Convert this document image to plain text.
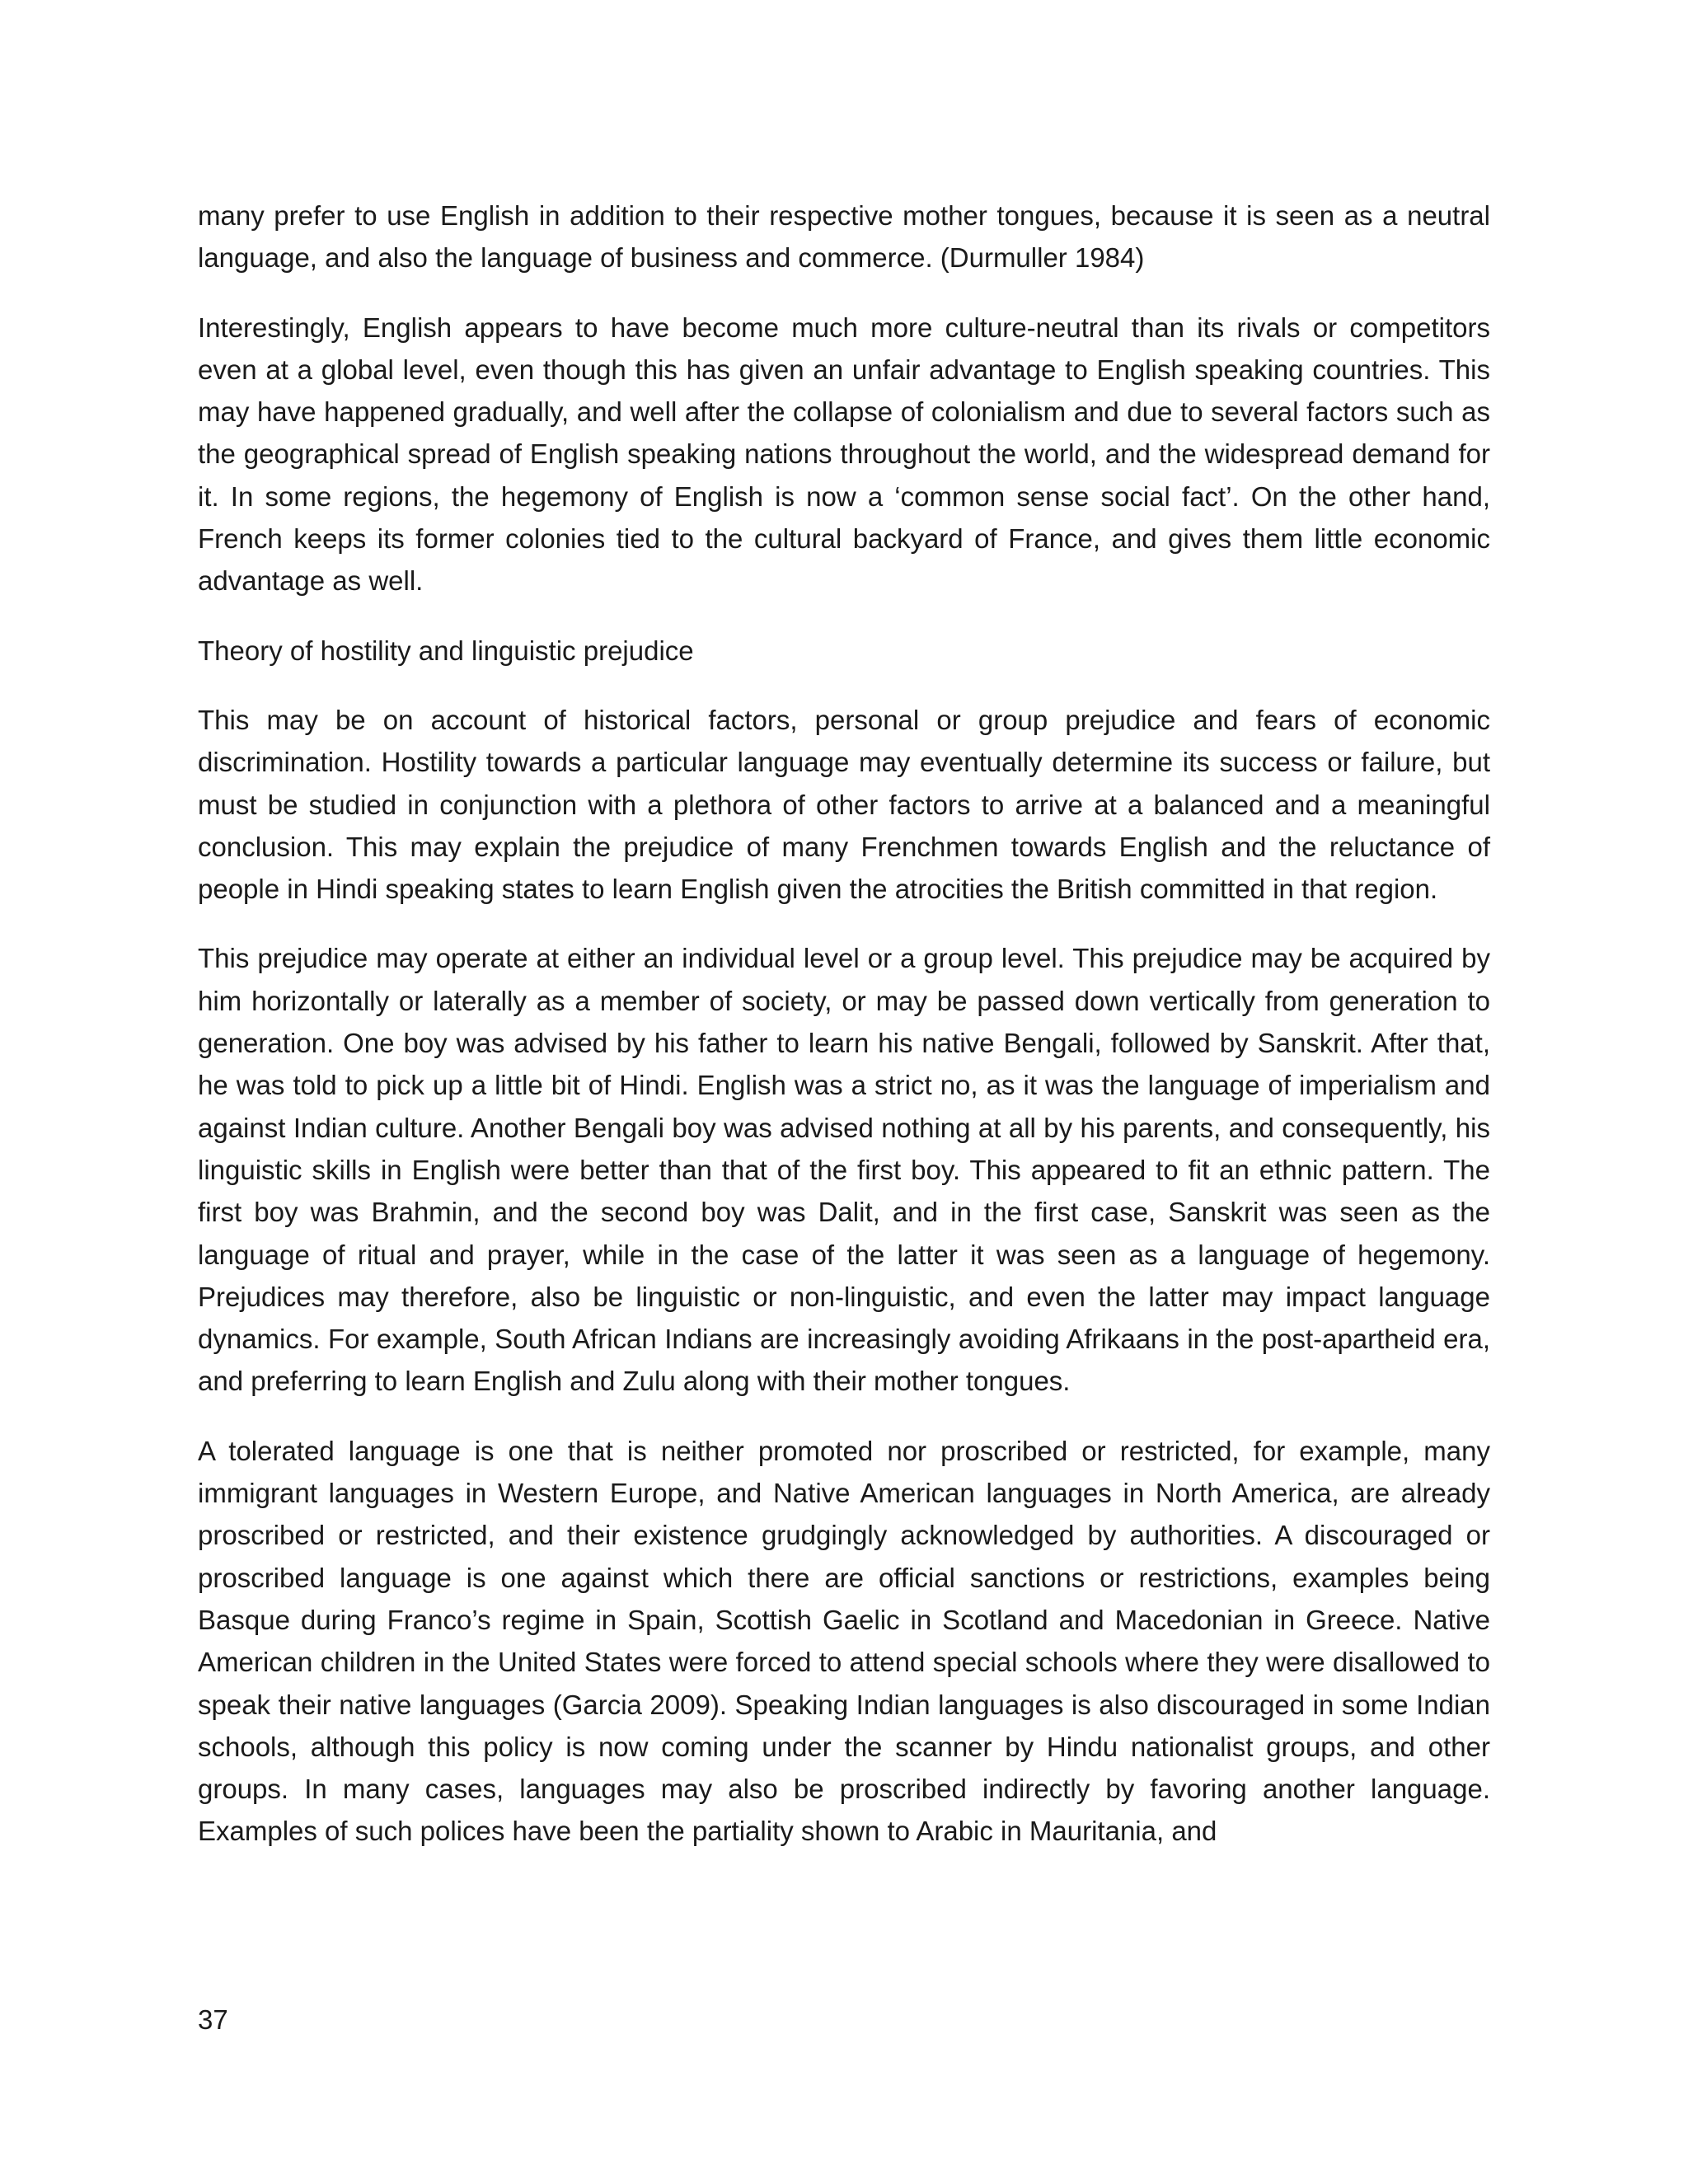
many prefer to use English in addition to their respective mother tongues, because it is seen as a neutral language, and also the language of business and commerce. (Durmuller 1984)

Interestingly, English appears to have become much more culture-neutral than its rivals or competitors even at a global level, even though this has given an unfair advantage to English speaking countries. This may have happened gradually, and well after the collapse of colonialism and due to several factors such as the geographical spread of English speaking nations throughout the world, and the widespread demand for it. In some regions, the hegemony of English is now a ‘common sense social fact’. On the other hand, French keeps its former colonies tied to the cultural backyard of France, and gives them little economic advantage as well.

Theory of hostility and linguistic prejudice

This may be on account of historical factors, personal or group prejudice and fears of economic discrimination. Hostility towards a particular language may eventually determine its success or failure, but must be studied in conjunction with a plethora of other factors to arrive at a balanced and a meaningful conclusion. This may explain the prejudice of many Frenchmen towards English and the reluctance of people in Hindi speaking states to learn English given the atrocities the British committed in that region.

This prejudice may operate at either an individual level or a group level. This prejudice may be acquired by him horizontally or laterally as a member of society, or may be passed down vertically from generation to generation. One boy was advised by his father to learn his native Bengali, followed by Sanskrit. After that, he was told to pick up a little bit of Hindi. English was a strict no, as it was the language of imperialism and against Indian culture. Another Bengali boy was advised nothing at all by his parents, and consequently, his linguistic skills in English were better than that of the first boy. This appeared to fit an ethnic pattern. The first boy was Brahmin, and the second boy was Dalit, and in the first case, Sanskrit was seen as the language of ritual and prayer, while in the case of the latter it was seen as a language of hegemony. Prejudices may therefore, also be linguistic or non-linguistic, and even the latter may impact language dynamics. For example, South African Indians are increasingly avoiding Afrikaans in the post-apartheid era, and preferring to learn English and Zulu along with their mother tongues.

A tolerated language is one that is neither promoted nor proscribed or restricted, for example, many immigrant languages in Western Europe, and Native American languages in North America, are already proscribed or restricted, and their existence grudgingly acknowledged by authorities. A discouraged or proscribed language is one against which there are official sanctions or restrictions, examples being Basque during Franco’s regime in Spain, Scottish Gaelic in Scotland and Macedonian in Greece. Native American children in the United States were forced to attend special schools where they were disallowed to speak their native languages (Garcia 2009). Speaking Indian languages is also discouraged in some Indian schools, although this policy is now coming under the scanner by Hindu nationalist groups, and other groups. In many cases, languages may also be proscribed indirectly by favoring another language. Examples of such polices have been the partiality shown to Arabic in Mauritania, and

37
